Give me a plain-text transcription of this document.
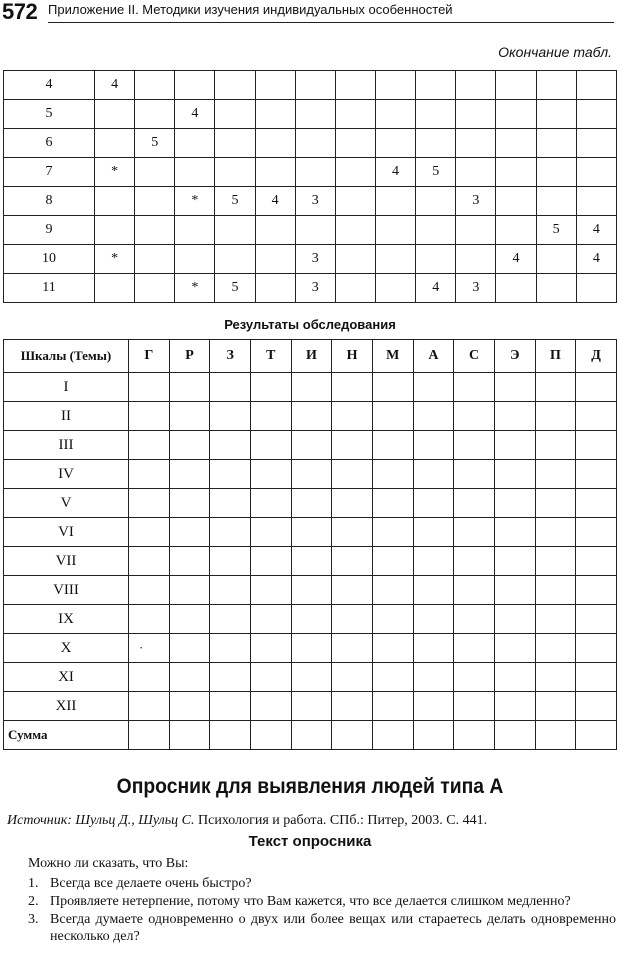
572 Приложение II. Методики изучения индивидуальных особенностей
Окончание табл.
4	4												
5			4										
6		5											
7	*							4	5				
8			*	5	4	3				3			
9												5	4
10	*					3					4		4
11			*	5		3			4	3			
Результаты обследования
Шкалы (Темы)	Г	Р	З	Т	И	Н	М	А	С	Э	П	Д
I												
II												
III												
IV												
V												
VI												
VII												
VIII												
IX												
X	·											
XI												
XII												
Сумма												
Опросник для выявления людей типа А
Источник: Шульц Д., Шульц С. Психология и работа. СПб.: Питер, 2003. С. 441.
Текст опросника
Можно ли сказать, что Вы:
1. Всегда все делаете очень быстро?
2. Проявляете нетерпение, потому что Вам кажется, что все делается слишком медленно?
3. Всегда думаете одновременно о двух или более вещах или стараетесь делать одновременно несколько дел?
